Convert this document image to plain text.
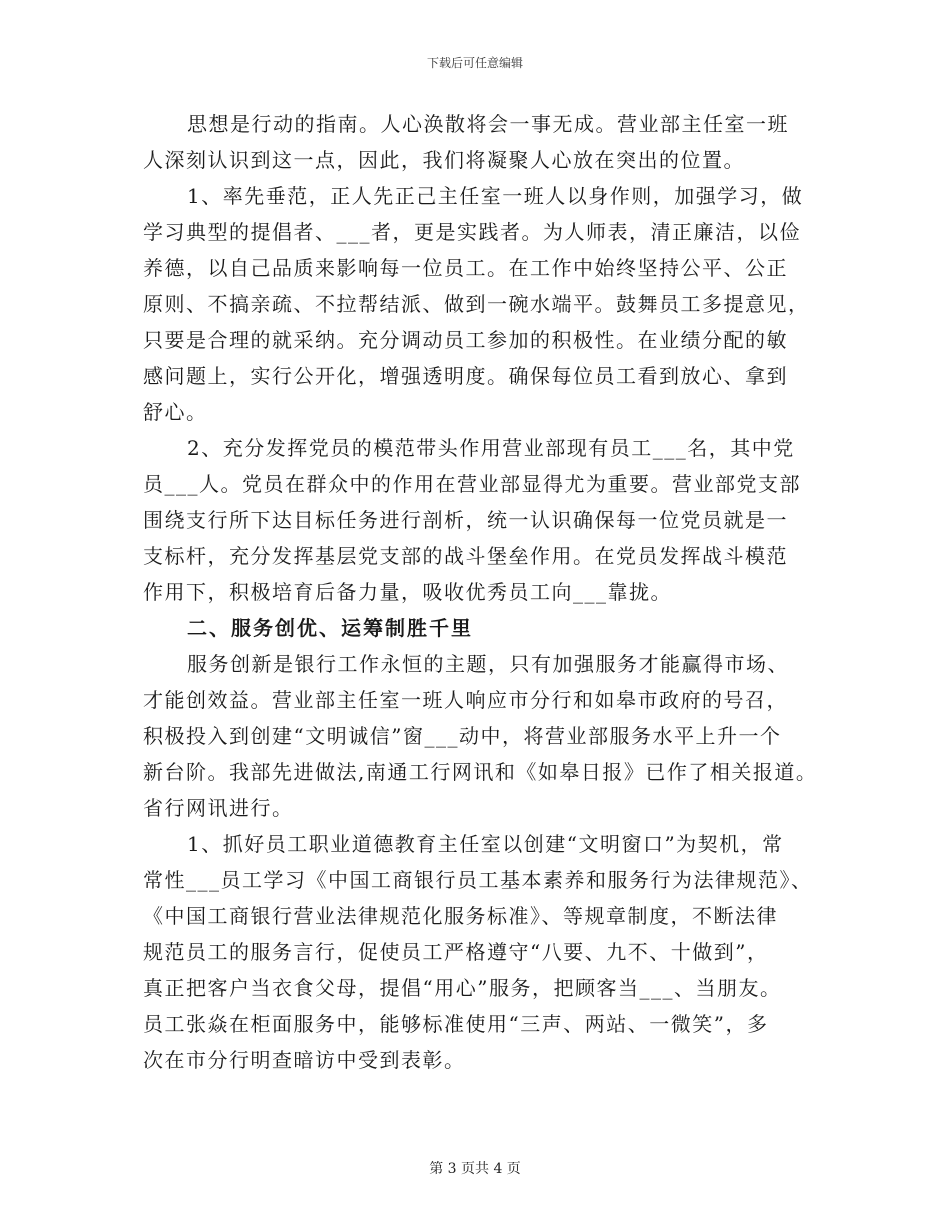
下载后可任意编辑
思想是行动的指南。人心涣散将会一事无成。营业部主任室一班
人深刻认识到这一点，因此，我们将凝聚人心放在突出的位置。
1、率先垂范，正人先正己主任室一班人以身作则，加强学习，做
学习典型的提倡者、___者，更是实践者。为人师表，清正廉洁，以俭
养德，以自己品质来影响每一位员工。在工作中始终坚持公平、公正
原则、不搞亲疏、不拉帮结派、做到一碗水端平。鼓舞员工多提意见，
只要是合理的就采纳。充分调动员工参加的积极性。在业绩分配的敏
感问题上，实行公开化，增强透明度。确保每位员工看到放心、拿到
舒心。
2、充分发挥党员的模范带头作用营业部现有员工___名，其中党
员___人。党员在群众中的作用在营业部显得尤为重要。营业部党支部
围绕支行所下达目标任务进行剖析，统一认识确保每一位党员就是一
支标杆，充分发挥基层党支部的战斗堡垒作用。在党员发挥战斗模范
作用下，积极培育后备力量，吸收优秀员工向___靠拢。
二、服务创优、运筹制胜千里
服务创新是银行工作永恒的主题，只有加强服务才能赢得市场、
才能创效益。营业部主任室一班人响应市分行和如皋市政府的号召，
积极投入到创建“文明诚信”窗___动中，将营业部服务水平上升一个
新台阶。我部先进做法,南通工行网讯和《如皋日报》已作了相关报道。
省行网讯进行。
1、抓好员工职业道德教育主任室以创建“文明窗口”为契机，常
常性___员工学习《中国工商银行员工基本素养和服务行为法律规范》、
《中国工商银行营业法律规范化服务标准》、等规章制度，不断法律
规范员工的服务言行，促使员工严格遵守“八要、九不、十做到”，
真正把客户当衣食父母，提倡“用心”服务，把顾客当___、当朋友。
员工张焱在柜面服务中，能够标准使用“三声、两站、一微笑”，多
次在市分行明查暗访中受到表彰。
第 3 页共 4 页
